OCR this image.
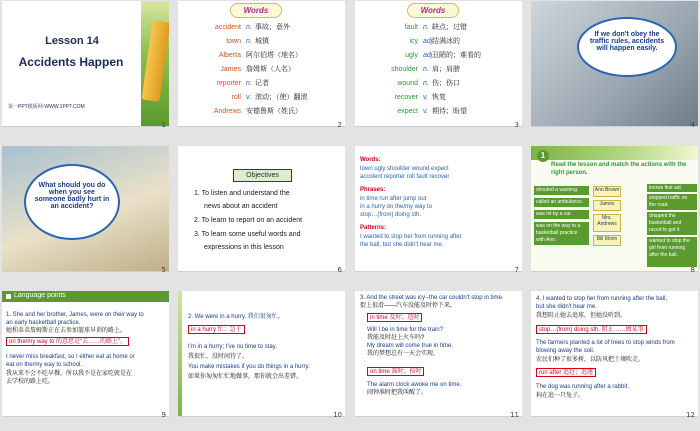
Lesson 14
Accidents Happen
第一PPT模板网-WWW.1PPT.COM
1
Words
accident n. 事故；意外
town n. 城镇
Alberta 阿尔伯塔（地名）
James 詹姆斯（人名）
reporter n. 记者
roll v. 滚动；（使）翻滚
Andrews 安德鲁斯（姓氏）
2
Words
fault n. 缺点；过错
icy adj.
结满冰的
ugly adj.
丑陋的；难看的
shoulder n. 肩；肩膀
wound n. 伤；伤口
recover v. 恢复
expect v. 期待；盼望
3
If we don't obey the traffic rules, accidents will happen easily.
4
What should you do when you see someone badly hurt in an accident?
5
Objectives
1. To listen and understand the
news about an accident
2. To learn to report on an accident
3. To learn some useful words and
expressions in this lesson
6
Words:
town ugly shoulder wound expect
accident reporter roll fault recover
Phrases:
in time run after jump out
in a hurry on the/my way to
stop…(from) doing sth.
Patterns:
I wanted to stop her from running after
the ball, but she didn't hear me.
7
1
Read the lesson and match the actions with the right person.
shouted a warning.
called an ambulance.
was hit by a car.
was on the way to a basketball practice with Ann.
Ann Brown
James
Mrs. Andrews
Bill Morin
knows first aid.
stopped traffic on the road.
dropped the basketball and raced to get it.
wanted to stop the girl from running after the ball.
8
Language points
1. She and her brother, James, were on their way to
an early basketball practice.
她和弟弟詹姆斯正在去参加篮球早训的路上。
on the/my way to 的意思是“去……的路上”。
I never miss breakfast, so I either eat at home or
eat on the/my way to school.
我从来不会不吃早餐，所以我不是在家吃就是在
去学校的路上吃。
9
2. We were in a hurry. 我们很匆忙。
in a hurry 忙；急于
I'm in a hurry; I've no time to stay.
我很忙，没时间待了。
You make mistakes if you do things in a hurry.
如果你匆匆忙忙地做事，那你就会出差错。
10
3. And the street was icy--the car couldn't stop in time.
街上很滑——汽车没能及时停下来。
in time 及时；适时
Will I be in time for the train?
我能及时赶上火车吗?
My dream will come true in time.
我的梦想总有一天会实现。
on time 准时；按时
The alarm clock awoke me on time.
闹钟准时把我叫醒了。
11
4. I wanted to stop her from running after the ball,
but she didn't hear me.
我想阻止她去追球，但她没听到。
stop…(from) doing sth. 阻止……做某事
The farmers planted a lot of trees to stop winds from
blowing away the soil.
农民们种了很多树，以防风把土壤吹走。
run after 追赶；追逐
The dog was running after a rabbit.
狗在追一只兔子。
12
